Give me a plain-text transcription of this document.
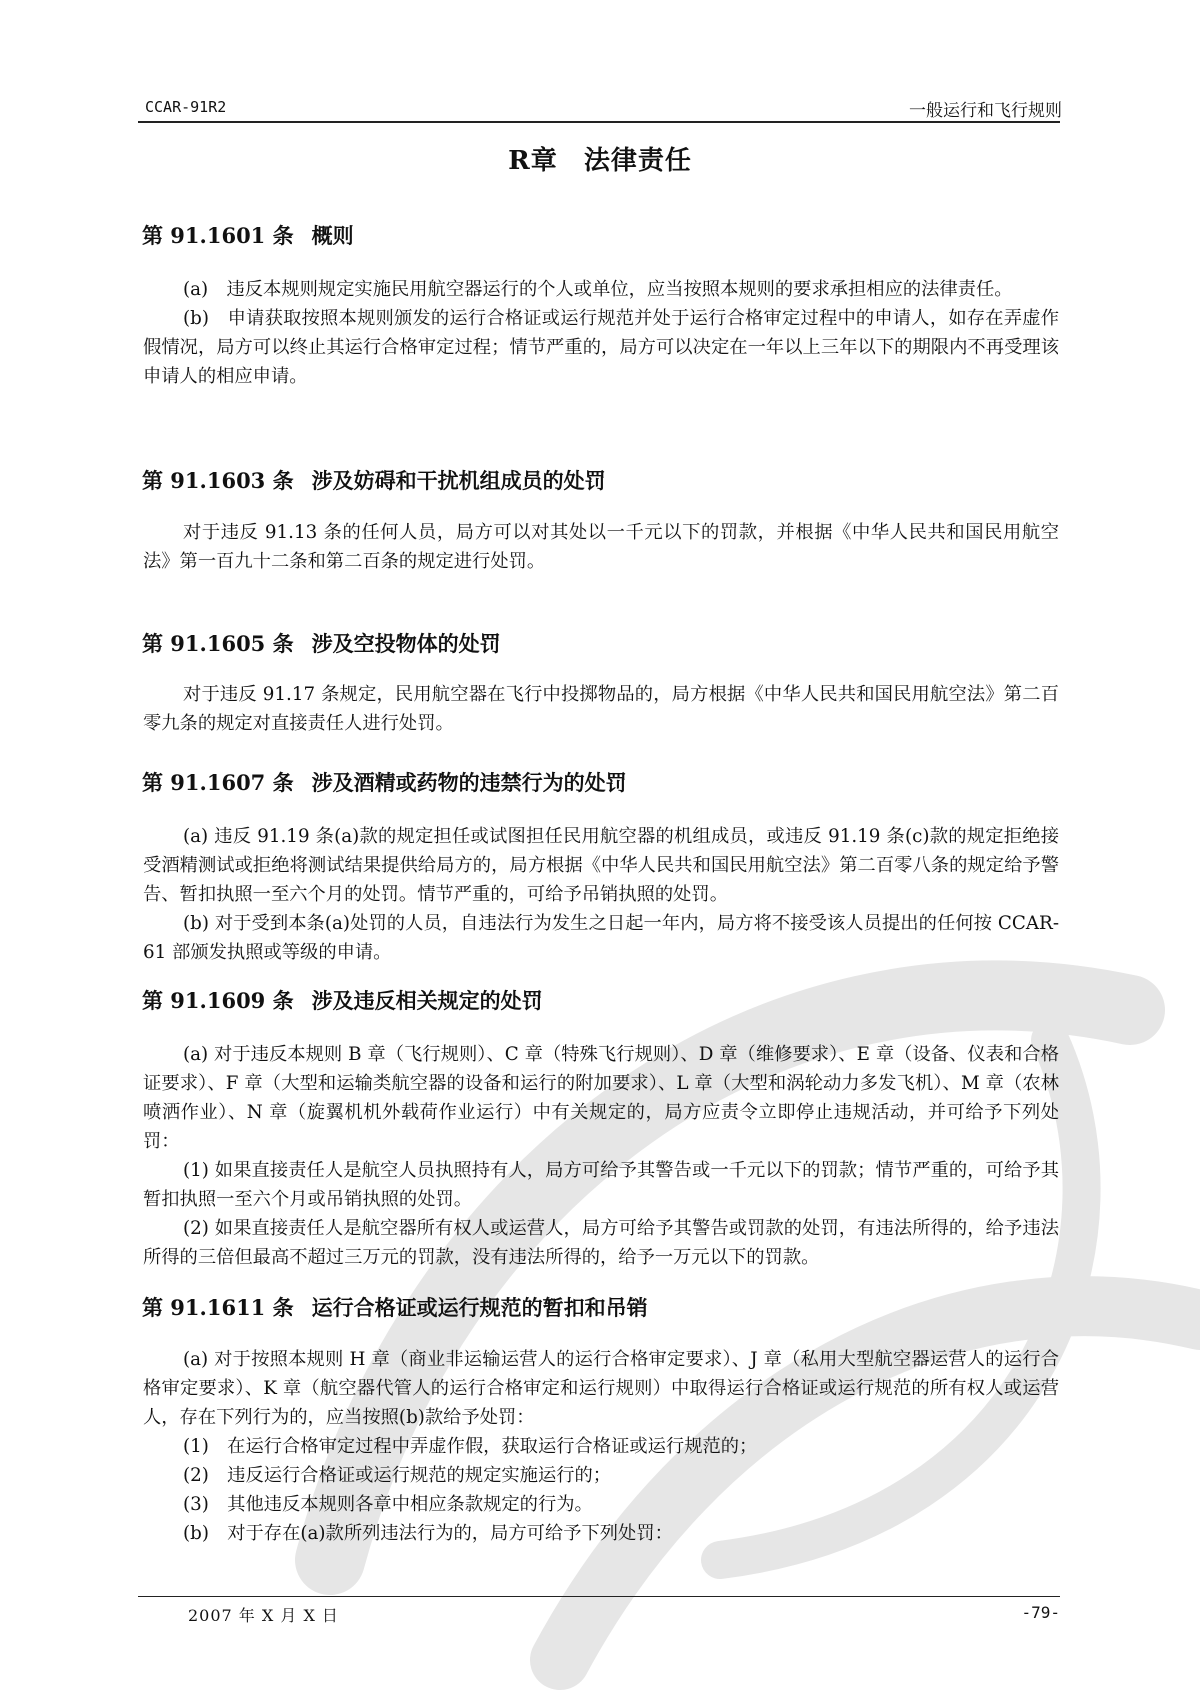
CCAR-91R2	一般运行和飞行规则
R章 法律责任
第 91.1601 条 概则

(a)　违反本规则规定实施民用航空器运行的个人或单位，应当按照本规则的要求承担相应的法律责任。

(b)　申请获取按照本规则颁发的运行合格证或运行规范并处于运行合格审定过程中的申请人，如存在弄虚作假情况，局方可以终止其运行合格审定过程；情节严重的，局方可以决定在一年以上三年以下的期限内不再受理该申请人的相应申请。

第 91.1603 条 涉及妨碍和干扰机组成员的处罚

对于违反 91.13 条的任何人员，局方可以对其处以一千元以下的罚款，并根据《中华人民共和国民用航空法》第一百九十二条和第二百条的规定进行处罚。

第 91.1605 条 涉及空投物体的处罚

对于违反 91.17 条规定，民用航空器在飞行中投掷物品的，局方根据《中华人民共和国民用航空法》第二百零九条的规定对直接责任人进行处罚。

第 91.1607 条 涉及酒精或药物的违禁行为的处罚

(a) 违反 91.19 条(a)款的规定担任或试图担任民用航空器的机组成员，或违反 91.19 条(c)款的规定拒绝接受酒精测试或拒绝将测试结果提供给局方的，局方根据《中华人民共和国民用航空法》第二百零八条的规定给予警告、暂扣执照一至六个月的处罚。情节严重的，可给予吊销执照的处罚。

(b) 对于受到本条(a)处罚的人员，自违法行为发生之日起一年内，局方将不接受该人员提出的任何按 CCAR-61 部颁发执照或等级的申请。

第 91.1609 条 涉及违反相关规定的处罚

(a) 对于违反本规则 B 章（飞行规则）、C 章（特殊飞行规则）、D 章（维修要求）、E 章（设备、仪表和合格证要求）、F 章（大型和运输类航空器的设备和运行的附加要求）、L 章（大型和涡轮动力多发飞机）、M 章（农林喷洒作业）、N 章（旋翼机机外载荷作业运行）中有关规定的，局方应责令立即停止违规活动，并可给予下列处罚：

(1) 如果直接责任人是航空人员执照持有人，局方可给予其警告或一千元以下的罚款；情节严重的，可给予其暂扣执照一至六个月或吊销执照的处罚。

(2) 如果直接责任人是航空器所有权人或运营人，局方可给予其警告或罚款的处罚，有违法所得的，给予违法所得的三倍但最高不超过三万元的罚款，没有违法所得的，给予一万元以下的罚款。

第 91.1611 条 运行合格证或运行规范的暂扣和吊销

(a) 对于按照本规则 H 章（商业非运输运营人的运行合格审定要求）、J 章（私用大型航空器运营人的运行合格审定要求）、K 章（航空器代管人的运行合格审定和运行规则）中取得运行合格证或运行规范的所有权人或运营人，存在下列行为的，应当按照(b)款给予处罚：

(1)　在运行合格审定过程中弄虚作假，获取运行合格证或运行规范的；

(2)　违反运行合格证或运行规范的规定实施运行的；

(3)　其他违反本规则各章中相应条款规定的行为。

(b)　对于存在(a)款所列违法行为的，局方可给予下列处罚：

2007 年 X 月 X 日	-79-
